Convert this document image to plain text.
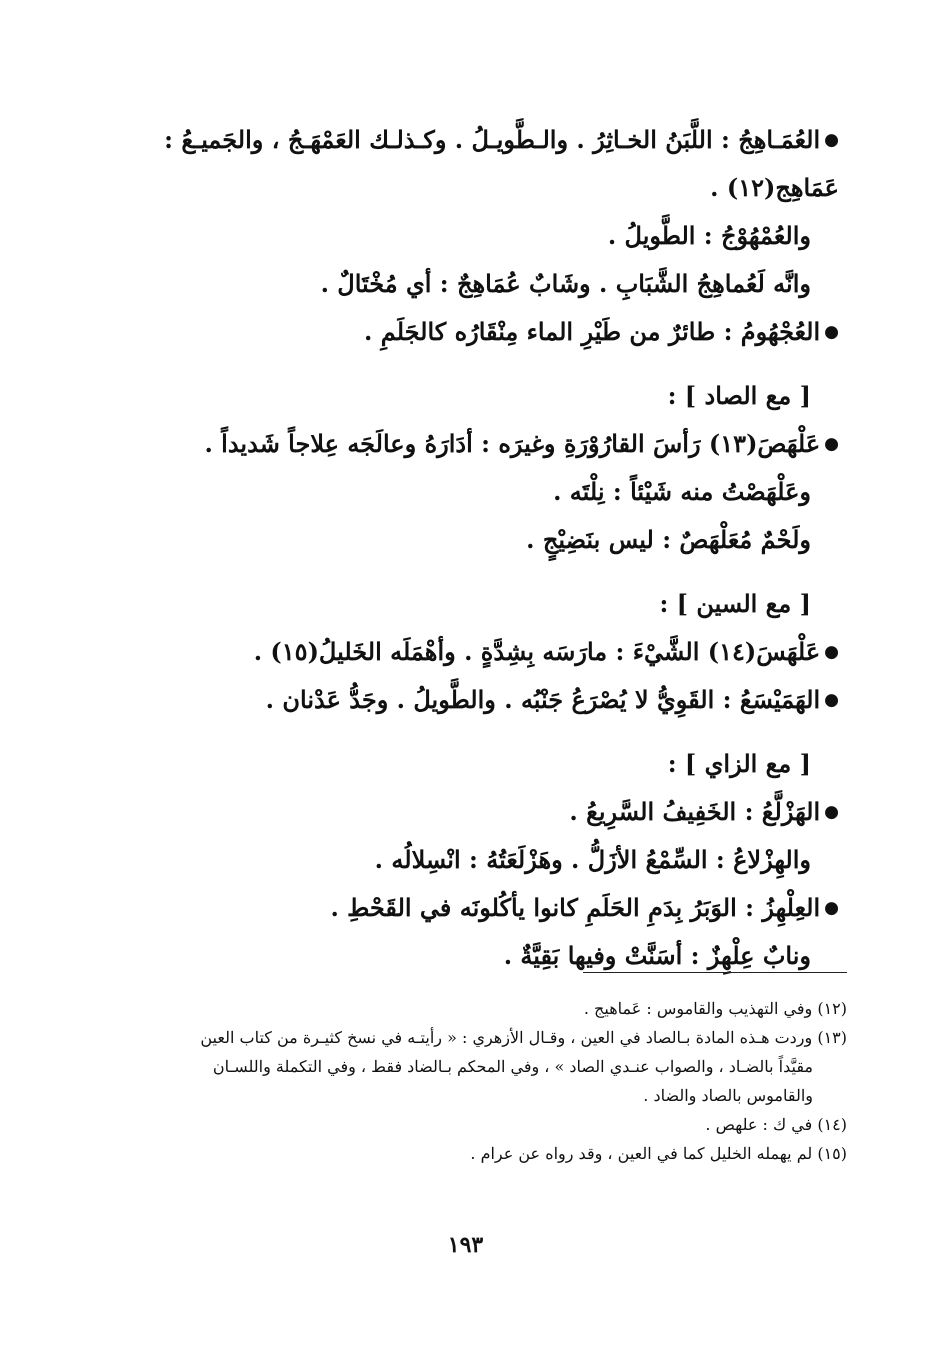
● العُمَـاهِجُ : اللَّبَنُ الخـاثِرُ . والـطَّويـلُ . وكـذلـك العَمْهَـجُ ، والجَميـعُ :
عَمَاهِج(١٢) .
والعُمْهُوْجُ : الطَّويلُ .
وانَّه لَعُماهِجُ الشَّبَابِ . وشَابٌ عُمَاهِجٌ : أي مُخْتَالٌ .
● العُجْهُومُ : طائرٌ من طَيْرِ الماء مِنْقَارُه كالجَلَمِ .
[ مع الصاد ] :
● عَلْهَصَ(١٣) رَأسَ القارُوْرَةِ وغيرَه : أدَارَهُ وعالَجَه عِلاجاً شَديداً .
وعَلْهَصْتُ منه شَيْئاً : نِلْتَه .
ولَحْمٌ مُعَلْهَصٌ : ليس بنَضِيْجٍ .
[ مع السين ] :
● عَلْهَسَ(١٤) الشَّيْءَ : مارَسَه بِشِدَّةٍ . وأهْمَلَه الخَليلُ(١٥) .
● الهَمَيْسَعُ : القَوِيُّ لا يُصْرَعُ جَنْبُه . والطَّويلُ . وجَدُّ عَدْنان .
[ مع الزاي ] :
● الهَزْلَّعُ : الخَفِيفُ السَّرِيعُ .
والهِزْلاعُ : السِّمْعُ الأزَلُّ . وهَزْلَعَتُهُ : انْسِلالُه .
● العِلْهِزُ : الوَبَرُ بِدَمِ الحَلَمِ كانوا يأكُلونَه في القَحْطِ .
ونابٌ عِلْهِزٌ : أسَنَّتْ وفيها بَقِيَّةٌ .

(١٢) وفي التهذيب والقاموس : عَماهيج .

(١٣) وردت هـذه المادة بـالصاد في العين ، وقـال الأزهري : « رأيتـه في نسخ كثيـرة من كتاب العين

مقيَّداً بالضـاد ، والصواب عنـدي الصاد » ، وفي المحكم بـالضاد فقط ، وفي التكملة واللسـان

والقاموس بالصاد والضاد .

(١٤) في ك : علهص .

(١٥) لم يهمله الخليل كما في العين ، وقد رواه عن عرام .

١٩٣
